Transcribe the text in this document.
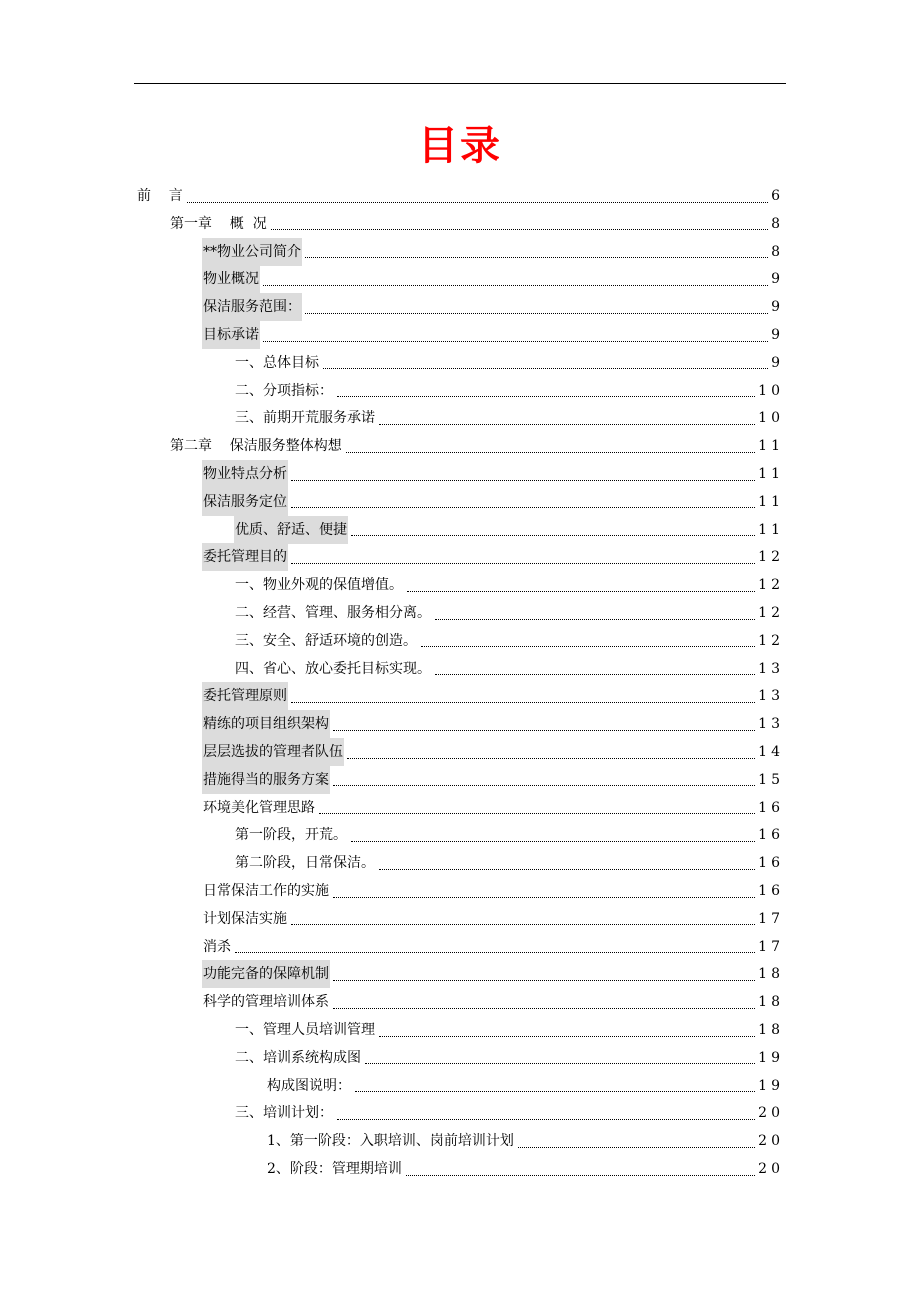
目录
前    言	6
第一章    概  况	8
**物业公司简介	8
物业概况	9
保洁服务范围：	9
目标承诺	9
一、总体目标	9
二、分项指标：	10
三、前期开荒服务承诺	10
第二章    保洁服务整体构想	11
物业特点分析	11
保洁服务定位	11
优质、舒适、便捷	11
委托管理目的	12
一、物业外观的保值增值。	12
二、经营、管理、服务相分离。	12
三、安全、舒适环境的创造。	12
四、省心、放心委托目标实现。	13
委托管理原则	13
精练的项目组织架构	13
层层选拔的管理者队伍	14
措施得当的服务方案	15
环境美化管理思路	16
第一阶段，开荒。	16
第二阶段，日常保洁。	16
日常保洁工作的实施	16
计划保洁实施	17
消杀	17
功能完备的保障机制	18
科学的管理培训体系	18
一、管理人员培训管理	18
二、培训系统构成图	19
构成图说明：	19
三、培训计划：	20
1、第一阶段：入职培训、岗前培训计划	20
2、阶段：管理期培训	20
